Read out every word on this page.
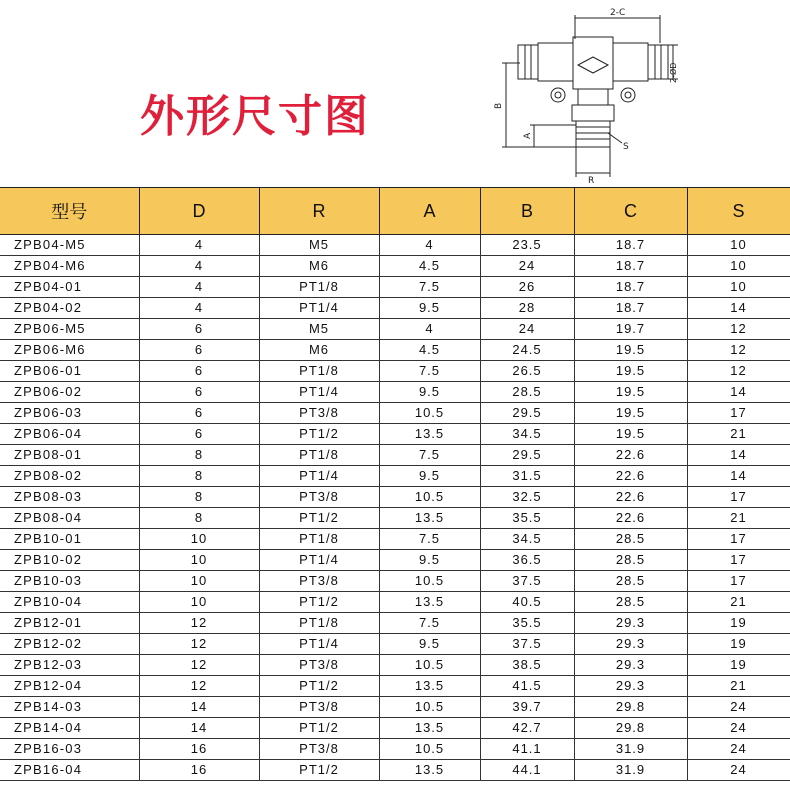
外形尺寸图
2-C
B
A
S
R
2-ØD
型号	D	R	A	B	C	S
ZPB04-M5	4	M5	4	23.5	18.7	10
ZPB04-M6	4	M6	4.5	24	18.7	10
ZPB04-01	4	PT1/8	7.5	26	18.7	10
ZPB04-02	4	PT1/4	9.5	28	18.7	14
ZPB06-M5	6	M5	4	24	19.7	12
ZPB06-M6	6	M6	4.5	24.5	19.5	12
ZPB06-01	6	PT1/8	7.5	26.5	19.5	12
ZPB06-02	6	PT1/4	9.5	28.5	19.5	14
ZPB06-03	6	PT3/8	10.5	29.5	19.5	17
ZPB06-04	6	PT1/2	13.5	34.5	19.5	21
ZPB08-01	8	PT1/8	7.5	29.5	22.6	14
ZPB08-02	8	PT1/4	9.5	31.5	22.6	14
ZPB08-03	8	PT3/8	10.5	32.5	22.6	17
ZPB08-04	8	PT1/2	13.5	35.5	22.6	21
ZPB10-01	10	PT1/8	7.5	34.5	28.5	17
ZPB10-02	10	PT1/4	9.5	36.5	28.5	17
ZPB10-03	10	PT3/8	10.5	37.5	28.5	17
ZPB10-04	10	PT1/2	13.5	40.5	28.5	21
ZPB12-01	12	PT1/8	7.5	35.5	29.3	19
ZPB12-02	12	PT1/4	9.5	37.5	29.3	19
ZPB12-03	12	PT3/8	10.5	38.5	29.3	19
ZPB12-04	12	PT1/2	13.5	41.5	29.3	21
ZPB14-03	14	PT3/8	10.5	39.7	29.8	24
ZPB14-04	14	PT1/2	13.5	42.7	29.8	24
ZPB16-03	16	PT3/8	10.5	41.1	31.9	24
ZPB16-04	16	PT1/2	13.5	44.1	31.9	24
